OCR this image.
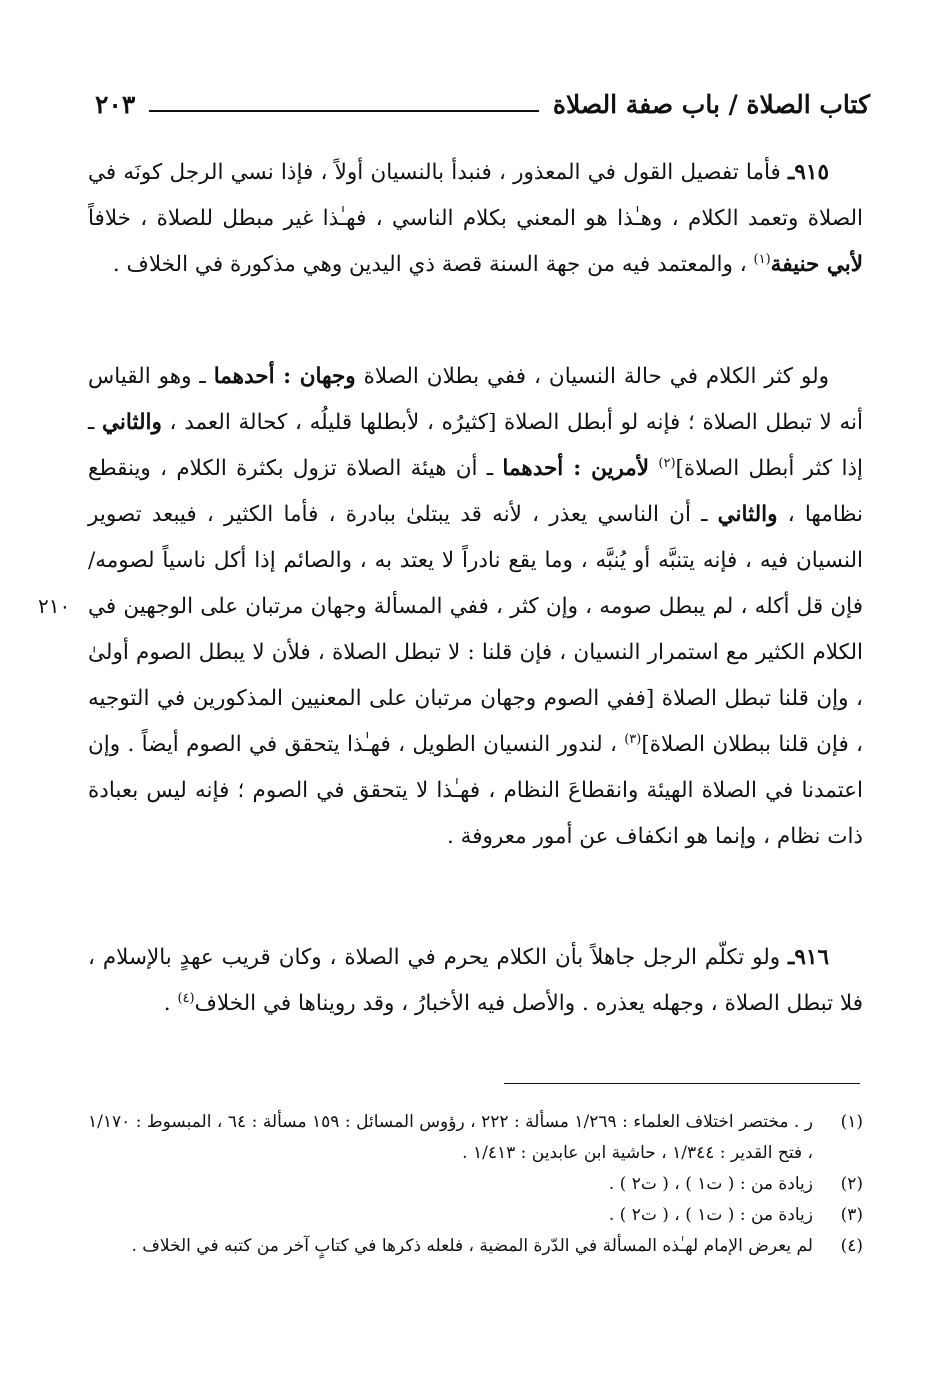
كتاب الصلاة / باب صفة الصلاة
٢٠٣

٩١٥ـ فأما تفصيل القول في المعذور ، فنبدأ بالنسيان أولاً ، فإذا نسي الرجل كونَه في الصلاة وتعمد الكلام ، وهـٰذا هو المعني بكلام الناسي ، فهـٰذا غير مبطل للصلاة ، خلافاً لأبي حنيفة$^{(١)}$ ، والمعتمد فيه من جهة السنة قصة ذي اليدين وهي مذكورة في الخلاف .

ولو كثر الكلام في حالة النسيان ، ففي بطلان الصلاة وجهان : أحدهما ـ وهو القياس أنه لا تبطل الصلاة ؛ فإنه لو أبطل الصلاة [كثيرُه ، لأبطلها قليلُه ، كحالة العمد ، والثاني ـ إذا كثر أبطل الصلاة]$^{(٢)}$ لأمرين : أحدهما ـ أن هيئة الصلاة تزول بكثرة الكلام ، وينقطع نظامها ، والثاني ـ أن الناسي يعذر ، لأنه قد يبتلىٰ ببادرة ، فأما الكثير ، فيبعد تصوير النسيان فيه ، فإنه يتنبَّه أو يُنبَّه ، وما يقع نادراً لا يعتد به ، والصائم إذا أكل ناسياً لصومه/ فإن قل أكله ، لم يبطل صومه ، وإن كثر ، ففي المسألة وجهان مرتبان على الوجهين في الكلام الكثير مع استمرار النسيان ، فإن قلنا : لا تبطل الصلاة ، فلأن لا يبطل الصوم أولىٰ ، وإن قلنا تبطل الصلاة [ففي الصوم وجهان مرتبان على المعنيين المذكورين في التوجيه ، فإن قلنا ببطلان الصلاة]$^{(٣)}$ ، لندور النسيان الطويل ، فهـٰذا يتحقق في الصوم أيضاً . وإن اعتمدنا في الصلاة الهيئة وانقطاعَ النظام ، فهـٰذا لا يتحقق في الصوم ؛ فإنه ليس بعبادة ذات نظام ، وإنما هو انكفاف عن أمور معروفة .

٢١٠

٩١٦ـ ولو تكلّم الرجل جاهلاً بأن الكلام يحرم في الصلاة ، وكان قريب عهدٍ بالإسلام ، فلا تبطل الصلاة ، وجهله يعذره . والأصل فيه الأخبارُ ، وقد رويناها في الخلاف$^{(٤)}$ .

(١)
ر . مختصر اختلاف العلماء : ١/٢٦٩ مسألة : ٢٢٢ ، رؤوس المسائل : ١٥٩ مسألة : ٦٤ ، المبسوط : ١/١٧٠ ، فتح القدير : ١/٣٤٤ ، حاشية ابن عابدين : ١/٤١٣ .
(٢)
زيادة من : ( ت١ ) ، ( ت٢ ) .
(٣)
زيادة من : ( ت١ ) ، ( ت٢ ) .
(٤)
لم يعرض الإمام لهـٰذه المسألة في الدّرة المضية ، فلعله ذكرها في كتابٍ آخر من كتبه في الخلاف .
